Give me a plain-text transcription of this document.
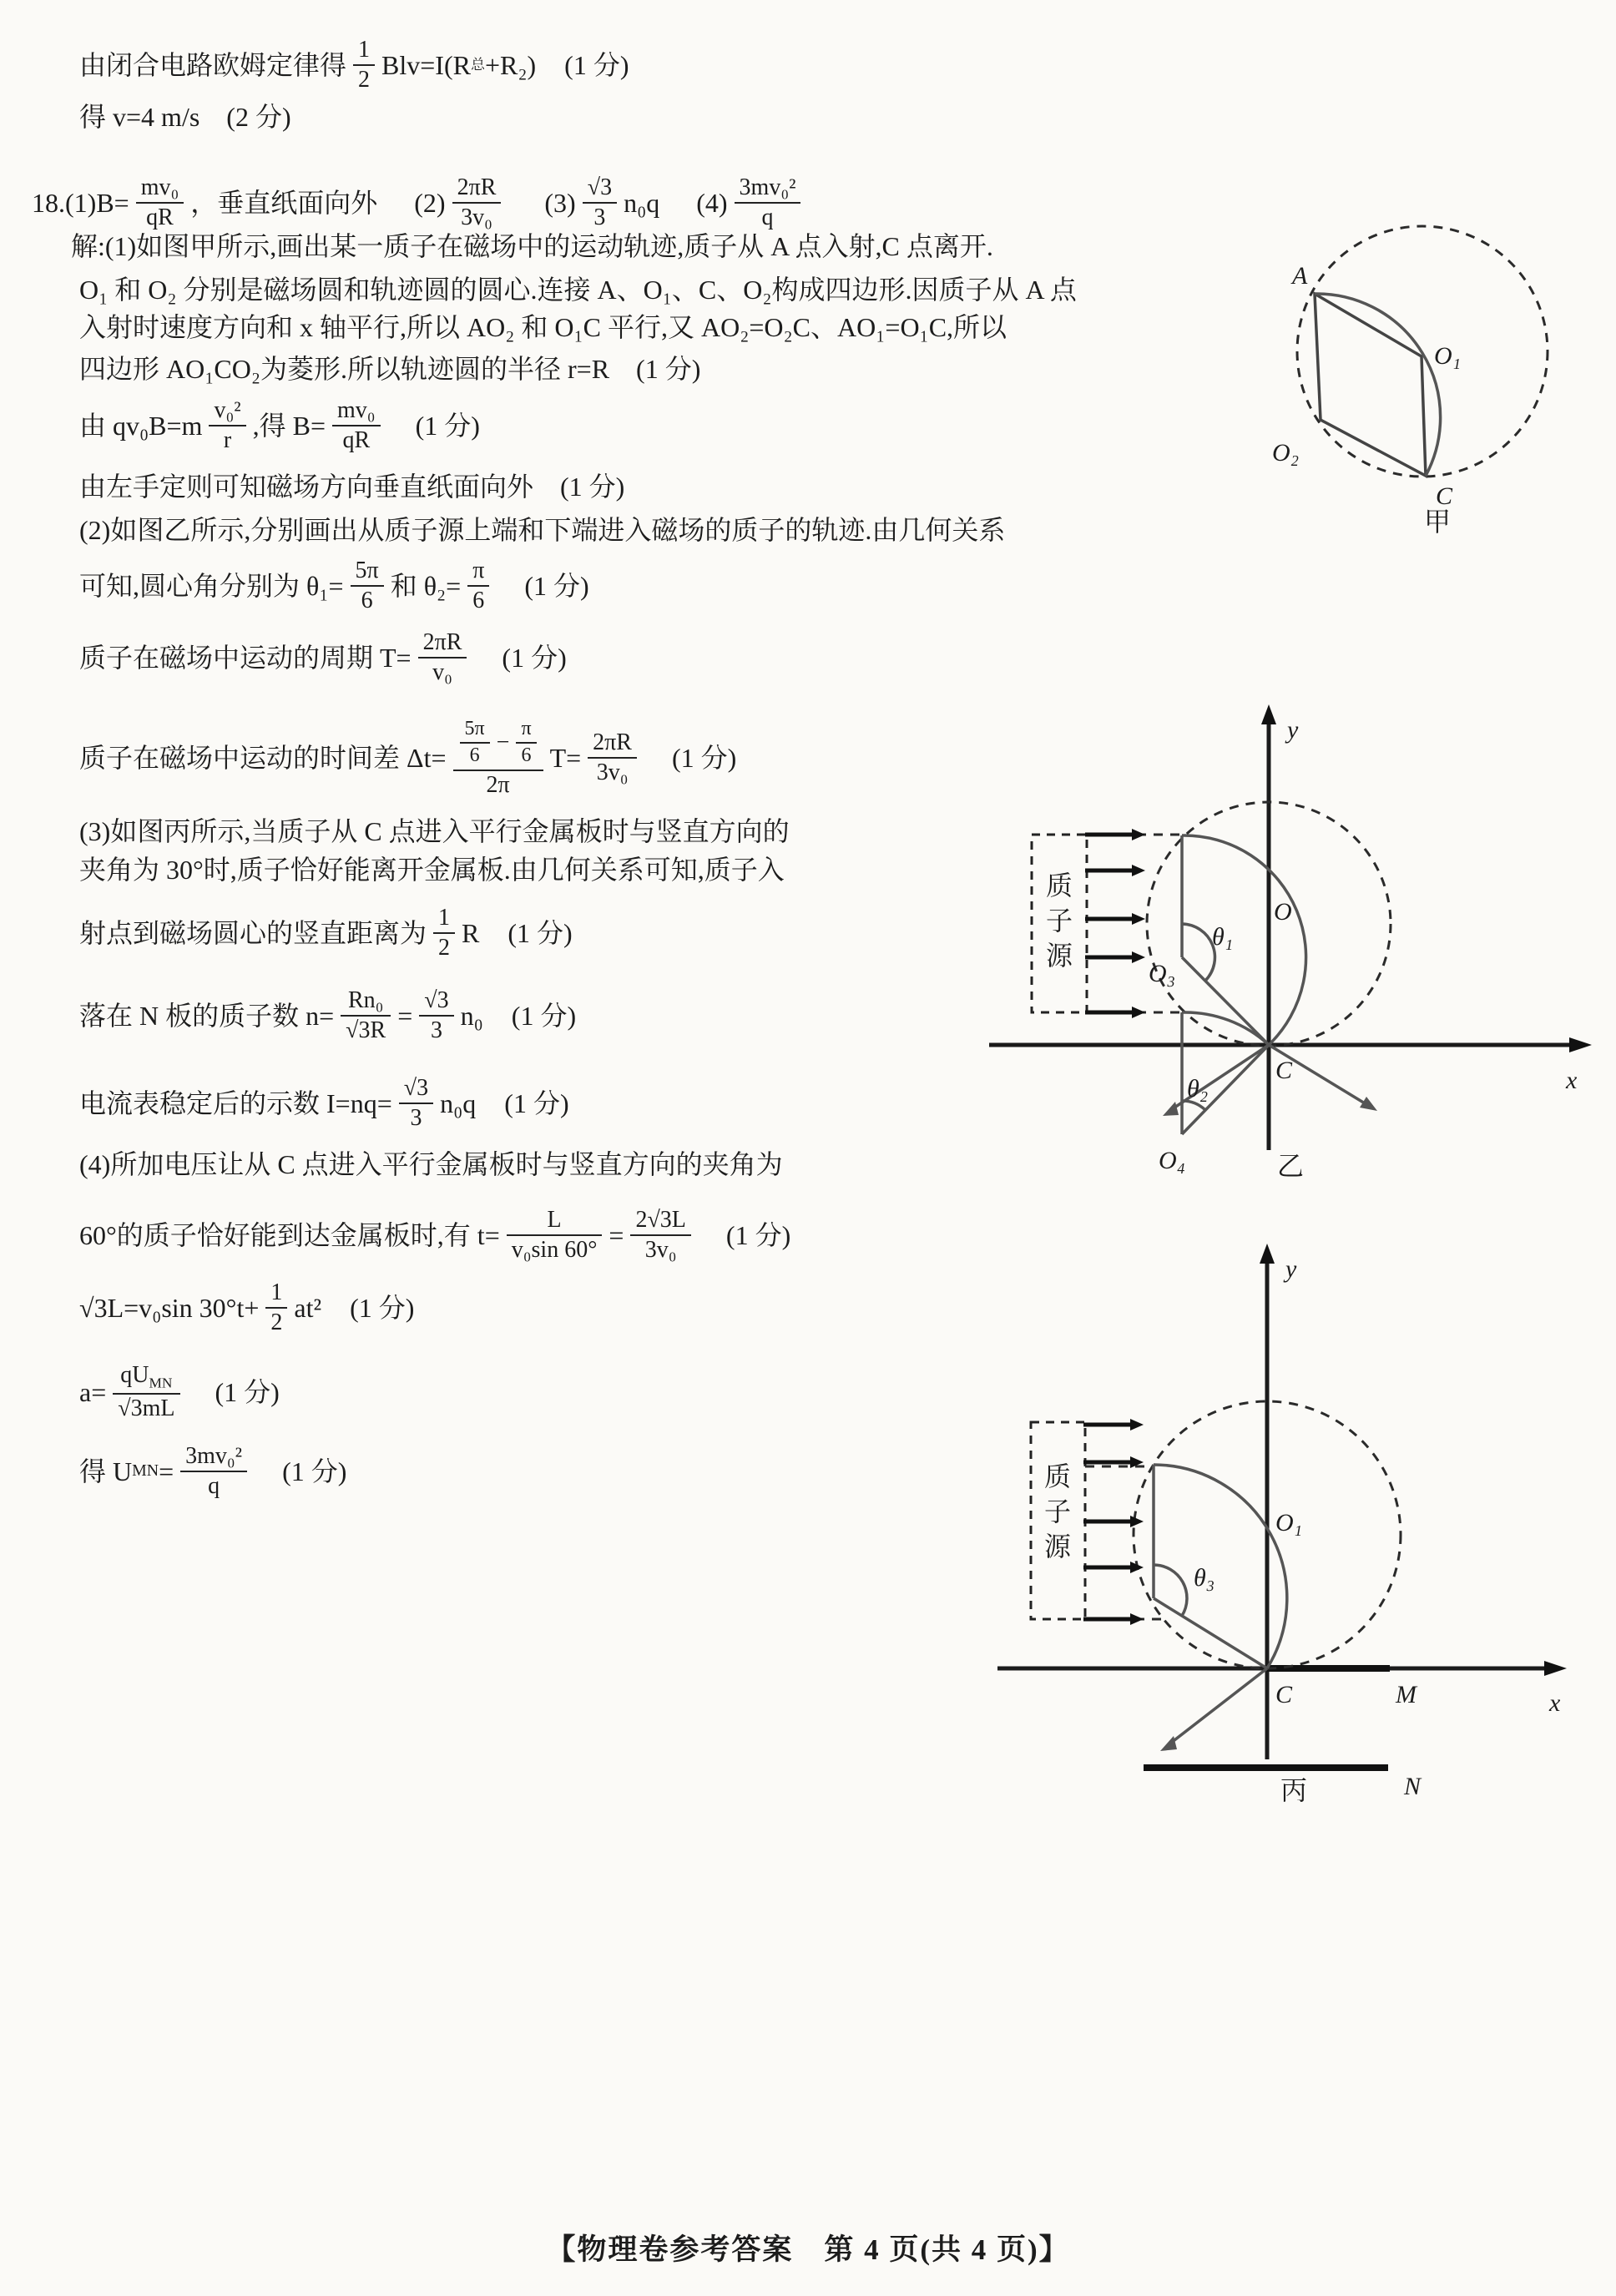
由闭合电路欧姆定律得 $\frac{1}{2} Blv=I(R$ 总 +R₂) (1 分)
得 v=4 m/s　(2 分)
18. $(1)B= \frac{\text{mv₀}}{qR}$ ，垂直纸面向外 $(2) \frac{2\pi R}{\text{3v₀}} (3) \frac{√3}{3} n_0q$ $(4) \frac{\text{3mv₀²}}{q}$
解:(1)如图甲所示,画出某一质子在磁场中的运动轨迹,质子从 A 点入射,C 点离开.
O₁ 和 O₂ 分别是磁场圆和轨迹圆的圆心.连接 A、O₁、C、O₂构成四边形.因质子从 A 点
入射时速度方向和 x 轴平行,所以 AO₂ 和 O₁C 平行,又 AO₂=O₂C、AO₁=O₁C,所以
四边形 AO₁CO₂为菱形.所以轨迹圆的半径 r=R　(1 分)
由 $qv_0B=m \frac{\text{v₀²}}{r}$ ,得 $B= \frac{\text{mv₀}}{qR} (1$ 分)
由左手定则可知磁场方向垂直纸面向外　(1 分)
(2)如图乙所示,分别画出从质子源上端和下端进入磁场的质子的轨迹.由几何关系
可知,圆心角分别为 $\theta_1= \frac{5\pi}{6}$ 和 $\theta_2= \frac{\pi}{6} (1$ 分)
质子在磁场中运动的周期 $T= \frac{2\pi R}{\text{v₀}} (1$ 分)
质子在磁场中运动的时间差 $\Delta t= \frac{5\pi}{6} - \frac{\pi}{6}$
2π
$T= \frac{2\pi R}{\text{3v₀}} (1$ 分)
(3)如图丙所示,当质子从 C 点进入平行金属板时与竖直方向的
夹角为 30°时,质子恰好能离开金属板.由几何关系可知,质子入
射点到磁场圆心的竖直距离为 $\frac{1}{2}$ R (1 分)
落在 N 板的质子数 $n= \frac{\text{Rn₀}}{√3R} = \frac{√3}{3} n_0$ (1 分)
电流表稳定后的示数 $I=nq= \frac{√3}{3} n_0q$ (1 分)
(4)所加电压让从 C 点进入平行金属板时与竖直方向的夹角为
60°的质子恰好能到达金属板时,有 $t= \frac{L}{\text{v₀sin 60°}} = \frac{2√3L}{\text{3v₀}} (1$ 分)
√3L=v₀sin $30^\circ t+ \frac{1}{2} at^2$ (1 分)
$a= \frac{qU_{MN}}{√3mL} (1$ 分)
得 U MN = $\frac{\text{3mv₀²}}{q} (1$ 分)
A
O₁
O₂
C
甲
y
x
质
子
源
O
O₃
O₄
θ₁
θ₂
C
乙
y
x
M
质
子
源
θ₃
N
O₁
C
丙
【物理卷参考答案　第 4 页(共 4 页)】
